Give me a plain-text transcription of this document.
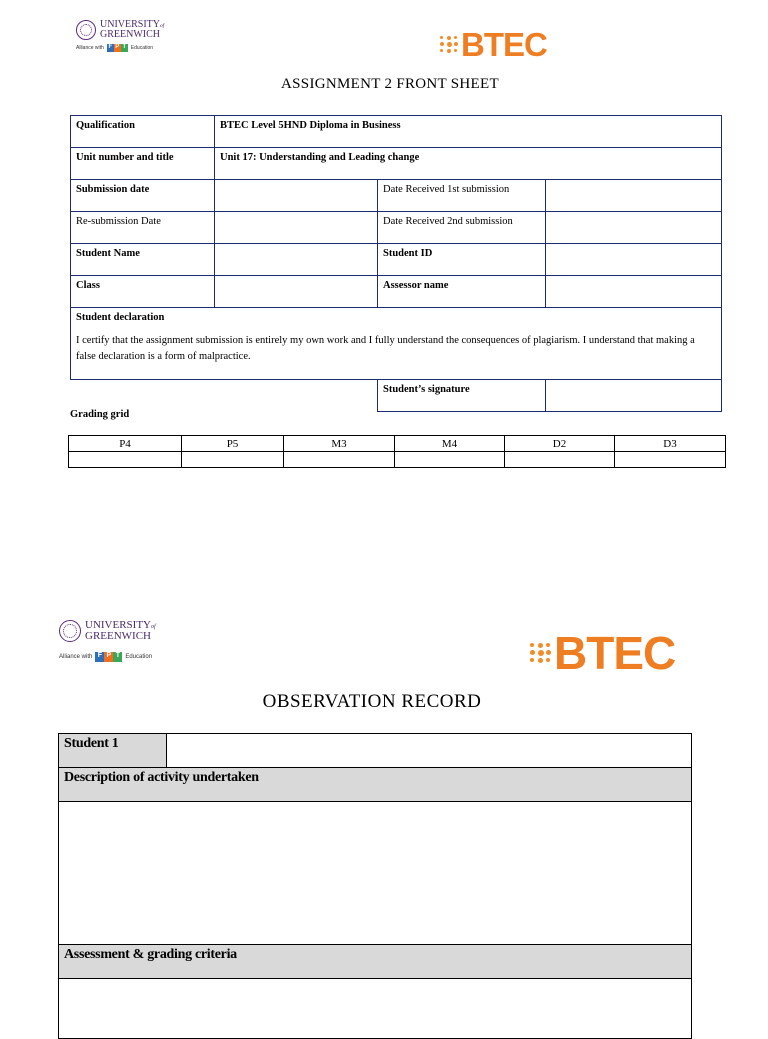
UNIVERSITYof
GREENWICH
Alliance with F P T Education	BTEC
ASSIGNMENT 2 FRONT SHEET
Qualification	BTEC Level 5HND Diploma in Business		
Unit number and title	Unit 17: Understanding and Leading change		
Submission date		Date Received 1st submission	
Re-submission Date		Date Received 2nd submission	
Student Name		Student ID	
Class		Assessor name	

Student declaration
I certify that the assignment submission is entirely my own work and I fully understand the consequences of plagiarism. I understand that making a false declaration is a form of malpractice.			

		Student’s signature	
Grading grid
P4	P5	M3	M4	D2	D3

UNIVERSITYof
GREENWICH
Alliance with F P T Education	BTEC
OBSERVATION RECORD
Student 1	
Description of activity undertaken

Assessment & grading criteria
